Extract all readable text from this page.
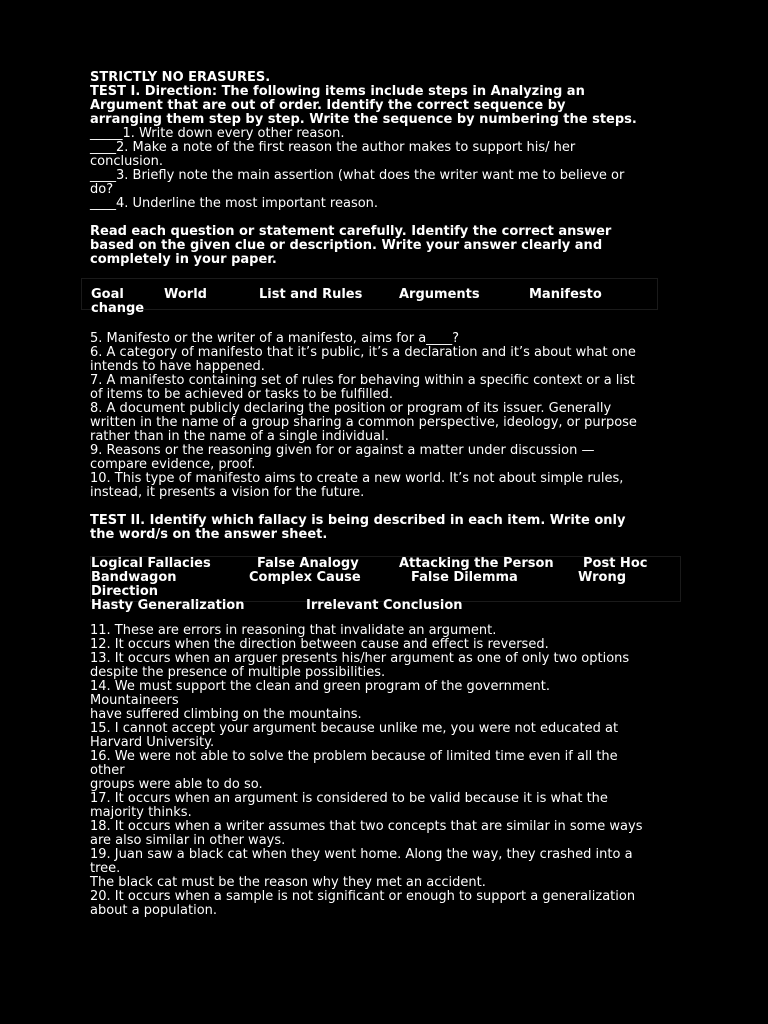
STRICTLY NO ERASURES.
TEST I. Direction: The following items include steps in Analyzing an
Argument that are out of order. Identify the correct sequence by
arranging them step by step. Write the sequence by numbering the steps.
_____1. Write down every other reason.
____2. Make a note of the first reason the author makes to support his/ her
conclusion.
____3. Briefly note the main assertion (what does the writer want me to believe or
do?
____4. Underline the most important reason.
Read each question or statement carefully. Identify the correct answer
based on the given clue or description. Write your answer clearly and
completely in your paper.
Goal	World	List and Rules	Arguments	Manifesto
change
5. Manifesto or the writer of a manifesto, aims for a____?
6. A category of manifesto that it’s public, it’s a declaration and it’s about what one
intends to have happened.
7. A manifesto containing set of rules for behaving within a specific context or a list
of items to be achieved or tasks to be fulfilled.
8. A document publicly declaring the position or program of its issuer. Generally
written in the name of a group sharing a common perspective, ideology, or purpose
rather than in the name of a single individual.
9. Reasons or the reasoning given for or against a matter under discussion —
compare evidence, proof.
10. This type of manifesto aims to create a new world. It’s not about simple rules,
instead, it presents a vision for the future.
TEST II. Identify which fallacy is being described in each item. Write only
the word/s on the answer sheet.
Logical Fallacies	False Analogy	Attacking the Person Post Hoc
Bandwagon	Complex Cause	False Dilemma	Wrong
Direction
Hasty Generalization	Irrelevant Conclusion
11. These are errors in reasoning that invalidate an argument.
12. It occurs when the direction between cause and effect is reversed.
13. It occurs when an arguer presents his/her argument as one of only two options
despite the presence of multiple possibilities.
14. We must support the clean and green program of the government.
Mountaineers
have suffered climbing on the mountains.
15. I cannot accept your argument because unlike me, you were not educated at
Harvard University.
16. We were not able to solve the problem because of limited time even if all the
other
groups were able to do so.
17. It occurs when an argument is considered to be valid because it is what the
majority thinks.
18. It occurs when a writer assumes that two concepts that are similar in some ways
are also similar in other ways.
19. Juan saw a black cat when they went home. Along the way, they crashed into a
tree.
The black cat must be the reason why they met an accident.
20. It occurs when a sample is not significant or enough to support a generalization
about a population.
